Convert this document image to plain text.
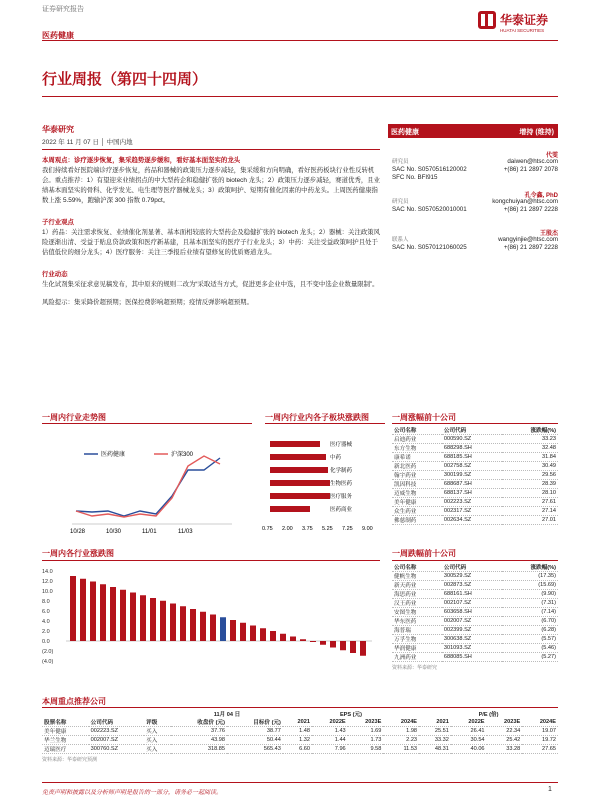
证券研究报告
医药健康
华泰证券
HUATAI SECURITIES
行业周报（第四十四周）
华泰研究
2022 年 11 月 07 日 │ 中国内地
医药健康	增持 (维持)
研究员
代雯
SAC No. S0570516120002
daiwen@htsc.com
SFC No. BFI915
+(86) 21 2897 2078
研究员
孔令鑫, PhD
SAC No. S0570520010001
kongchuiyan@htsc.com
+(86) 21 2897 2228
联系人
王殷杰
SAC No. S0570121060025
wangyinjie@htsc.com
+(86) 21 2897 2228
本周观点：诊疗逐步恢复，集采趋势逐步缓和，看好基本面坚实的龙头
我们持续看好医院端诊疗逐步恢复，药品和器械的政策压力逐步减轻，集采缓和方向明确，看好医药板块行业性反转机会。重点推荐：1）有望迎来业绩拐点的中大型药企和稳健扩张的 biotech 龙头；2）政策压力逐步减轻，赛道优秀，且业绩基本面坚实的骨科、化学发光、电生理等医疗器械龙头；3）政策呵护、短期有催化因素的中药龙头。上周医药健康指数上涨 5.59%，跑输沪深 300 指数 0.79pct。
子行业观点
1）药品：关注需求恢复、业绩催化剂显著、基本面相较底的大型药企及稳健扩张的 biotech 龙头；2）器械：关注政策风险逐渐出清、受益于贴息贷款政策和医疗新基建，且基本面坚实的医疗子行业龙头；3）中药：关注受益政策呵护且处于估值低位的细分龙头；4）医疗服务：关注三季报后业绩有望修复的优质赛道龙头。
行业动态
生化试剂集采征求意见稿发布，其中原来的规则二改为“采取适当方式，促进更多企业中选，且不变中选企业数量限制”。
风险提示：集采降价超预期；医保控费影响超预期；疫情反弹影响超预期。
一周内行业走势图
医药健康	沪深300
10/28	10/30	11/01	11/03
一周内行业内各子板块涨跌图
医疗器械
中药
化学制药
生物医药
医疗服务
医药商业
0.75 2.00 3.75 5.25 7.25 9.00
一周内各行业涨跌图
14.0
12.0
10.0
8.0
6.0
4.0
2.0
0.0
(2.0)
(4.0)
一周涨幅前十公司
公司名称	公司代码	涨跌幅(%)
启迪药业	000590.SZ	33.23
东方生物	688298.SH	32.48
康希诺	688185.SH	31.84
新北医药	002758.SZ	30.49
翰宇药业	300199.SZ	29.56
凯因科技	688687.SH	28.39
迈威生物	688137.SH	28.10
美年健康	002223.SZ	27.61
众生药业	002317.SZ	27.14
佛慈制药	002634.SZ	27.01
一周跌幅前十公司
公司名称	公司代码	涨跌幅(%)
健帆生物	300529.SZ	(17.35)
新天药业	002873.SZ	(15.69)
海思药业	688161.SH	(9.90)
汉王药业	002107.SZ	(7.31)
安图生物	603658.SH	(7.14)
华东医药	002007.SZ	(6.70)
海普瑞	002399.SZ	(6.28)
万孚生物	300638.SZ	(5.57)
华润健康	301093.SZ	(5.46)
九洲药业	688085.SH	(5.27)
资料来源：华泰研究
本周重点推荐公司
			11月 04 日		EPS (元)				P/E (倍)			
股票名称	公司代码	评级	收盘价 (元)	目标价 (元)	2021	2022E	2023E	2024E	2021	2022E	2023E	2024E
美年健康	002223.SZ	买入	37.76	38.77	1.48	1.43	1.69	1.98	25.51	26.41	22.34	19.07
华兰生物	002007.SZ	买入	43.98	50.44	1.32	1.44	1.73	2.23	33.32	30.54	25.42	19.72
迈瑞医疗	300760.SZ	买入	318.85	565.43	6.60	7.96	9.58	11.53	48.31	40.06	33.28	27.65
资料来源：华泰研究预测
免责声明和披露以及分析师声明是报告的一部分，请务必一起阅读。	1
